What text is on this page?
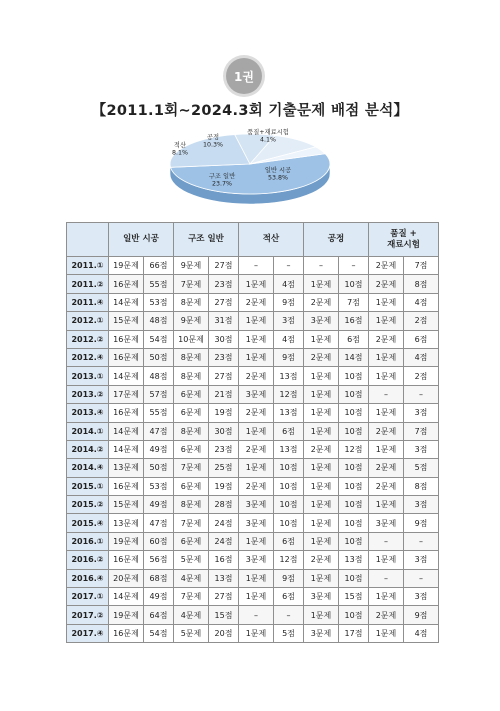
1권
【2011.1회∼2024.3회 기출문제 배점 분석】
일반 시공
53.8%
구조 일반
23.7%
적산
8.1%
공정
10.3%
품질+재료시험
4.1%
	일반 시공		구조 일반		적산		공정		품질 +
재료시험	
2011.①	19문제	66점	9문제	27점	–	–	–	–	2문제	7점
2011.②	16문제	55점	7문제	23점	1문제	4점	1문제	10점	2문제	8점
2011.④	14문제	53점	8문제	27점	2문제	9점	2문제	7점	1문제	4점
2012.①	15문제	48점	9문제	31점	1문제	3점	3문제	16점	1문제	2점
2012.②	16문제	54점	10문제	30점	1문제	4점	1문제	6점	2문제	6점
2012.④	16문제	50점	8문제	23점	1문제	9점	2문제	14점	1문제	4점
2013.①	14문제	48점	8문제	27점	2문제	13점	1문제	10점	1문제	2점
2013.②	17문제	57점	6문제	21점	3문제	12점	1문제	10점	–	–
2013.④	16문제	55점	6문제	19점	2문제	13점	1문제	10점	1문제	3점
2014.①	14문제	47점	8문제	30점	1문제	6점	1문제	10점	2문제	7점
2014.②	14문제	49점	6문제	23점	2문제	13점	2문제	12점	1문제	3점
2014.④	13문제	50점	7문제	25점	1문제	10점	1문제	10점	2문제	5점
2015.①	16문제	53점	6문제	19점	2문제	10점	1문제	10점	2문제	8점
2015.②	15문제	49점	8문제	28점	3문제	10점	1문제	10점	1문제	3점
2015.④	13문제	47점	7문제	24점	3문제	10점	1문제	10점	3문제	9점
2016.①	19문제	60점	6문제	24점	1문제	6점	1문제	10점	–	–
2016.②	16문제	56점	5문제	16점	3문제	12점	2문제	13점	1문제	3점
2016.④	20문제	68점	4문제	13점	1문제	9점	1문제	10점	–	–
2017.①	14문제	49점	7문제	27점	1문제	6점	3문제	15점	1문제	3점
2017.②	19문제	64점	4문제	15점	–	–	1문제	10점	2문제	9점
2017.④	16문제	54점	5문제	20점	1문제	5점	3문제	17점	1문제	4점
